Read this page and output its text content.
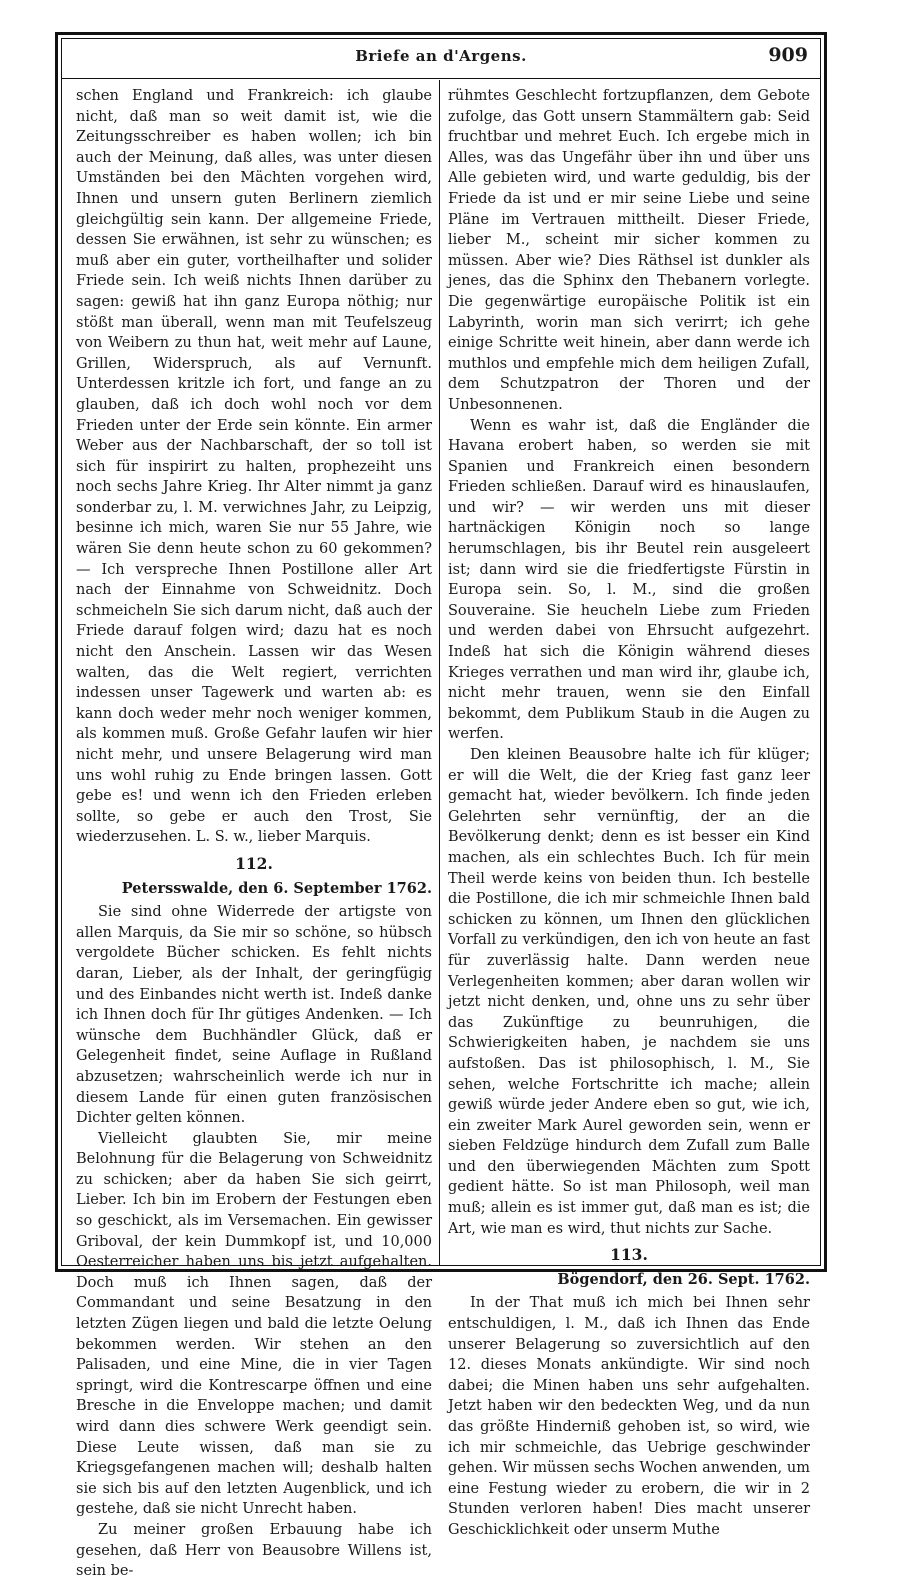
Briefe an d'Argens.	909

schen England und Frankreich: ich glaube nicht, daß man so weit damit ist, wie die Zeitungsschreiber es haben wollen; ich bin auch der Meinung, daß alles, was unter diesen Umständen bei den Mächten vorgehen wird, Ihnen und unsern guten Berlinern ziemlich gleichgültig sein kann. Der allgemeine Friede, dessen Sie erwähnen, ist sehr zu wünschen; es muß aber ein guter, vortheilhafter und solider Friede sein. Ich weiß nichts Ihnen darüber zu sagen: gewiß hat ihn ganz Europa nöthig; nur stößt man überall, wenn man mit Teufelszeug von Weibern zu thun hat, weit mehr auf Laune, Grillen, Widerspruch, als auf Vernunft. Unterdessen kritzle ich fort, und fange an zu glauben, daß ich doch wohl noch vor dem Frieden unter der Erde sein könnte. Ein armer Weber aus der Nachbarschaft, der so toll ist sich für inspirirt zu halten, prophezeiht uns noch sechs Jahre Krieg. Ihr Alter nimmt ja ganz sonderbar zu, l. M. verwichnes Jahr, zu Leipzig, besinne ich mich, waren Sie nur 55 Jahre, wie wären Sie denn heute schon zu 60 gekommen? — Ich verspreche Ihnen Postillone aller Art nach der Einnahme von Schweidnitz. Doch schmeicheln Sie sich darum nicht, daß auch der Friede darauf folgen wird; dazu hat es noch nicht den Anschein. Lassen wir das Wesen walten, das die Welt regiert, verrichten indessen unser Tagewerk und warten ab: es kann doch weder mehr noch weniger kommen, als kommen muß. Große Gefahr laufen wir hier nicht mehr, und unsere Belagerung wird man uns wohl ruhig zu Ende bringen lassen. Gott gebe es! und wenn ich den Frieden erleben sollte, so gebe er auch den Trost, Sie wiederzusehen. L. S. w., lieber Marquis.

112.
Petersswalde, den 6. September 1762.

Sie sind ohne Widerrede der artigste von allen Marquis, da Sie mir so schöne, so hübsch vergoldete Bücher schicken. Es fehlt nichts daran, Lieber, als der Inhalt, der geringfügig und des Einbandes nicht werth ist. Indeß danke ich Ihnen doch für Ihr gütiges Andenken. — Ich wünsche dem Buchhändler Glück, daß er Gelegenheit findet, seine Auflage in Rußland abzusetzen; wahrscheinlich werde ich nur in diesem Lande für einen guten französischen Dichter gelten können.

Vielleicht glaubten Sie, mir meine Belohnung für die Belagerung von Schweidnitz zu schicken; aber da haben Sie sich geirrt, Lieber. Ich bin im Erobern der Festungen eben so geschickt, als im Versemachen. Ein gewisser Griboval, der kein Dummkopf ist, und 10,000 Oesterreicher haben uns bis jetzt aufgehalten. Doch muß ich Ihnen sagen, daß der Commandant und seine Besatzung in den letzten Zügen liegen und bald die letzte Oelung bekommen werden. Wir stehen an den Palisaden, und eine Mine, die in vier Tagen springt, wird die Kontrescarpe öffnen und eine Bresche in die Enveloppe machen; und damit wird dann dies schwere Werk geendigt sein. Diese Leute wissen, daß man sie zu Kriegsgefangenen machen will; deshalb halten sie sich bis auf den letzten Augenblick, und ich gestehe, daß sie nicht Unrecht haben.

Zu meiner großen Erbauung habe ich gesehen, daß Herr von Beausobre Willens ist, sein be-

rühmtes Geschlecht fortzupflanzen, dem Gebote zufolge, das Gott unsern Stammältern gab: Seid fruchtbar und mehret Euch. Ich ergebe mich in Alles, was das Ungefähr über ihn und über uns Alle gebieten wird, und warte geduldig, bis der Friede da ist und er mir seine Liebe und seine Pläne im Vertrauen mittheilt. Dieser Friede, lieber M., scheint mir sicher kommen zu müssen. Aber wie? Dies Räthsel ist dunkler als jenes, das die Sphinx den Thebanern vorlegte. Die gegenwärtige europäische Politik ist ein Labyrinth, worin man sich verirrt; ich gehe einige Schritte weit hinein, aber dann werde ich muthlos und empfehle mich dem heiligen Zufall, dem Schutzpatron der Thoren und der Unbesonnenen.

Wenn es wahr ist, daß die Engländer die Havana erobert haben, so werden sie mit Spanien und Frankreich einen besondern Frieden schließen. Darauf wird es hinauslaufen, und wir? — wir werden uns mit dieser hartnäckigen Königin noch so lange herumschlagen, bis ihr Beutel rein ausgeleert ist; dann wird sie die friedfertigste Fürstin in Europa sein. So, l. M., sind die großen Souveraine. Sie heucheln Liebe zum Frieden und werden dabei von Ehrsucht aufgezehrt. Indeß hat sich die Königin während dieses Krieges verrathen und man wird ihr, glaube ich, nicht mehr trauen, wenn sie den Einfall bekommt, dem Publikum Staub in die Augen zu werfen.

Den kleinen Beausobre halte ich für klüger; er will die Welt, die der Krieg fast ganz leer gemacht hat, wieder bevölkern. Ich finde jeden Gelehrten sehr vernünftig, der an die Bevölkerung denkt; denn es ist besser ein Kind machen, als ein schlechtes Buch. Ich für mein Theil werde keins von beiden thun. Ich bestelle die Postillone, die ich mir schmeichle Ihnen bald schicken zu können, um Ihnen den glücklichen Vorfall zu verkündigen, den ich von heute an fast für zuverlässig halte. Dann werden neue Verlegenheiten kommen; aber daran wollen wir jetzt nicht denken, und, ohne uns zu sehr über das Zukünftige zu beunruhigen, die Schwierigkeiten haben, je nachdem sie uns aufstoßen. Das ist philosophisch, l. M., Sie sehen, welche Fortschritte ich mache; allein gewiß würde jeder Andere eben so gut, wie ich, ein zweiter Mark Aurel geworden sein, wenn er sieben Feldzüge hindurch dem Zufall zum Balle und den überwiegenden Mächten zum Spott gedient hätte. So ist man Philosoph, weil man muß; allein es ist immer gut, daß man es ist; die Art, wie man es wird, thut nichts zur Sache.

113.
Bögendorf, den 26. Sept. 1762.

In der That muß ich mich bei Ihnen sehr entschuldigen, l. M., daß ich Ihnen das Ende unserer Belagerung so zuversichtlich auf den 12. dieses Monats ankündigte. Wir sind noch dabei; die Minen haben uns sehr aufgehalten. Jetzt haben wir den bedeckten Weg, und da nun das größte Hinderniß gehoben ist, so wird, wie ich mir schmeichle, das Uebrige geschwinder gehen. Wir müssen sechs Wochen anwenden, um eine Festung wieder zu erobern, die wir in 2 Stunden verloren haben! Dies macht unserer Geschicklichkeit oder unserm Muthe
